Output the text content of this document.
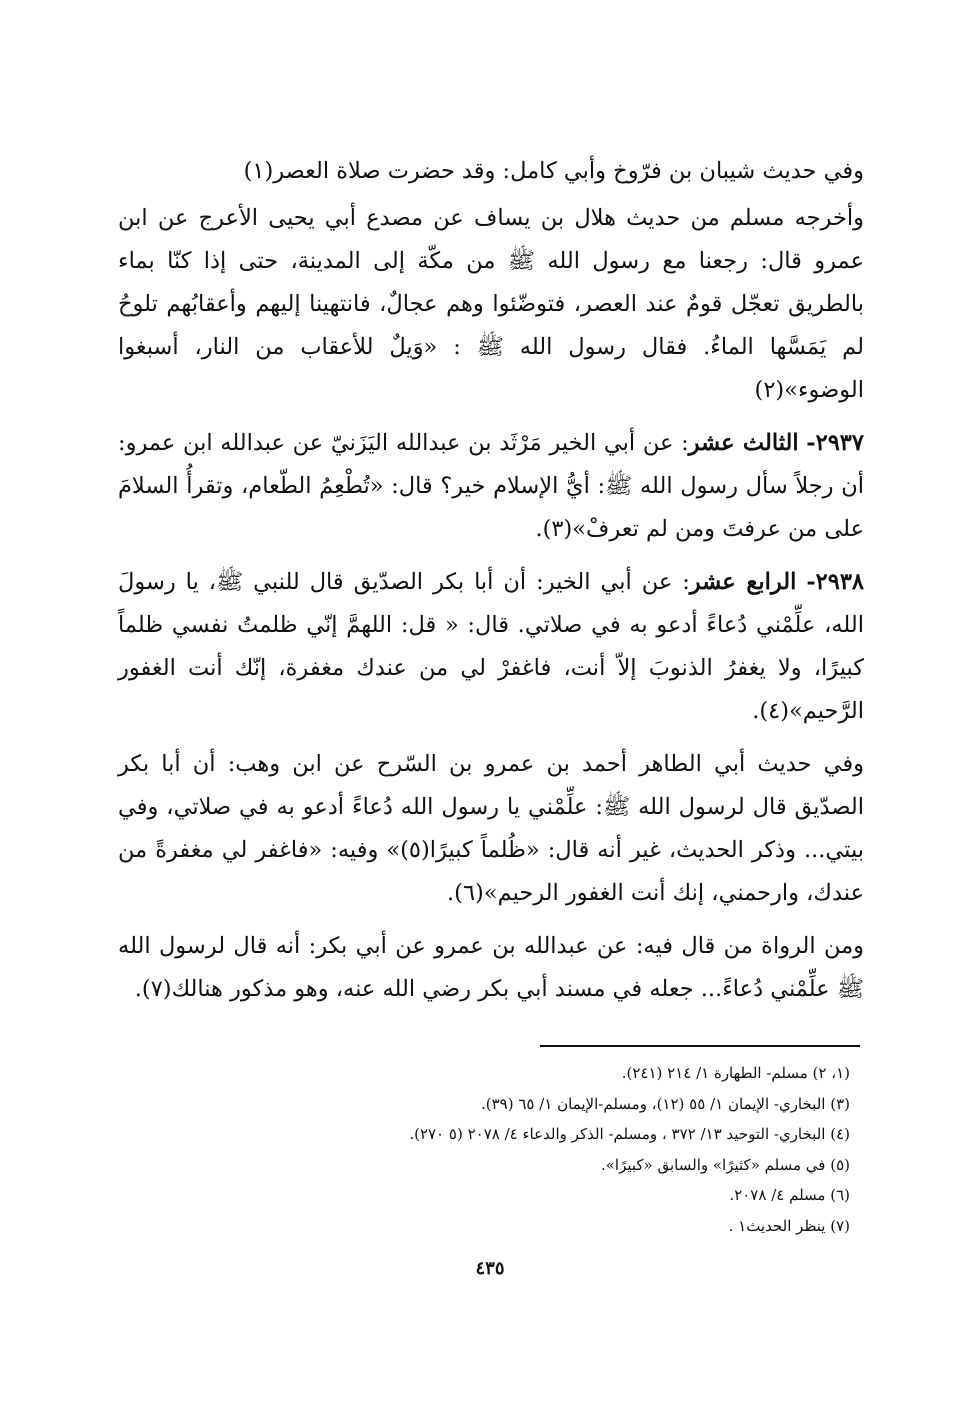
وفي حديث شيبان بن فرّوخ وأبي كامل: وقد حضرت صلاة العصر(١)

وأخرجه مسلم من حديث هلال بن يساف عن مصدع أبي يحيى الأعرج عن ابن عمرو قال: رجعنا مع رسول الله ﷺ من مكّة إلى المدينة، حتى إذا كنّا بماء بالطريق تعجّل قومٌ عند العصر، فتوضّئوا وهم عجالٌ، فانتهينا إليهم وأعقابُهم تلوحُ لم يَمَسَّها الماءُ. فقال رسول الله ﷺ : «وَيلٌ للأعقاب من النار، أسبغوا الوضوء»(٢)

٢٩٣٧- الثالث عشر: عن أبي الخير مَرْثَد بن عبدالله اليَزَنيّ عن عبدالله ابن عمرو: أن رجلاً سأل رسول الله ﷺ: أيُّ الإسلام خير؟ قال: «تُطْعِمُ الطّعام، وتقرأُ السلامَ على من عرفتَ ومن لم تعرفْ»(٣).

٢٩٣٨- الرابع عشر: عن أبي الخير: أن أبا بكر الصدّيق قال للنبي ﷺ، يا رسولَ الله، علِّمْني دُعاءً أدعو به في صلاتي. قال: « قل: اللهمَّ إنّي ظلمتُ نفسي ظلماً كبيرًا، ولا يغفرُ الذنوبَ إلاّ أنت، فاغفرْ لي من عندك مغفرة، إنّك أنت الغفور الرَّحيم»(٤).

وفي حديث أبي الطاهر أحمد بن عمرو بن السّرح عن ابن وهب: أن أبا بكر الصدّيق قال لرسول الله ﷺ: علِّمْني يا رسول الله دُعاءً أدعو به في صلاتي، وفي بيتي... وذكر الحديث، غير أنه قال: «ظُلماً كبيرًا(٥)» وفيه: «فاغفر لي مغفرةً من عندك، وارحمني، إنك أنت الغفور الرحيم»(٦).

ومن الرواة من قال فيه: عن عبدالله بن عمرو عن أبي بكر: أنه قال لرسول الله ﷺ علِّمْني دُعاءً... جعله في مسند أبي بكر رضي الله عنه، وهو مذكور هنالك(٧).

(١، ٢) مسلم- الطهارة ١/ ٢١٤ (٢٤١).
(٣) البخاري- الإيمان ١/ ٥٥ (١٢)، ومسلم-الإيمان ١/ ٦٥ (٣٩).
(٤) البخاري- التوحيد ١٣/ ٣٧٢ ، ومسلم- الذكر والدعاء ٤/ ٢٠٧٨ (٥ ٢٧٠).
(٥) في مسلم «كثيرًا» والسابق «كبيرًا».
(٦) مسلم ٤/ ٢٠٧٨.
(٧) ينظر الحديث١ .
٤٣٥
